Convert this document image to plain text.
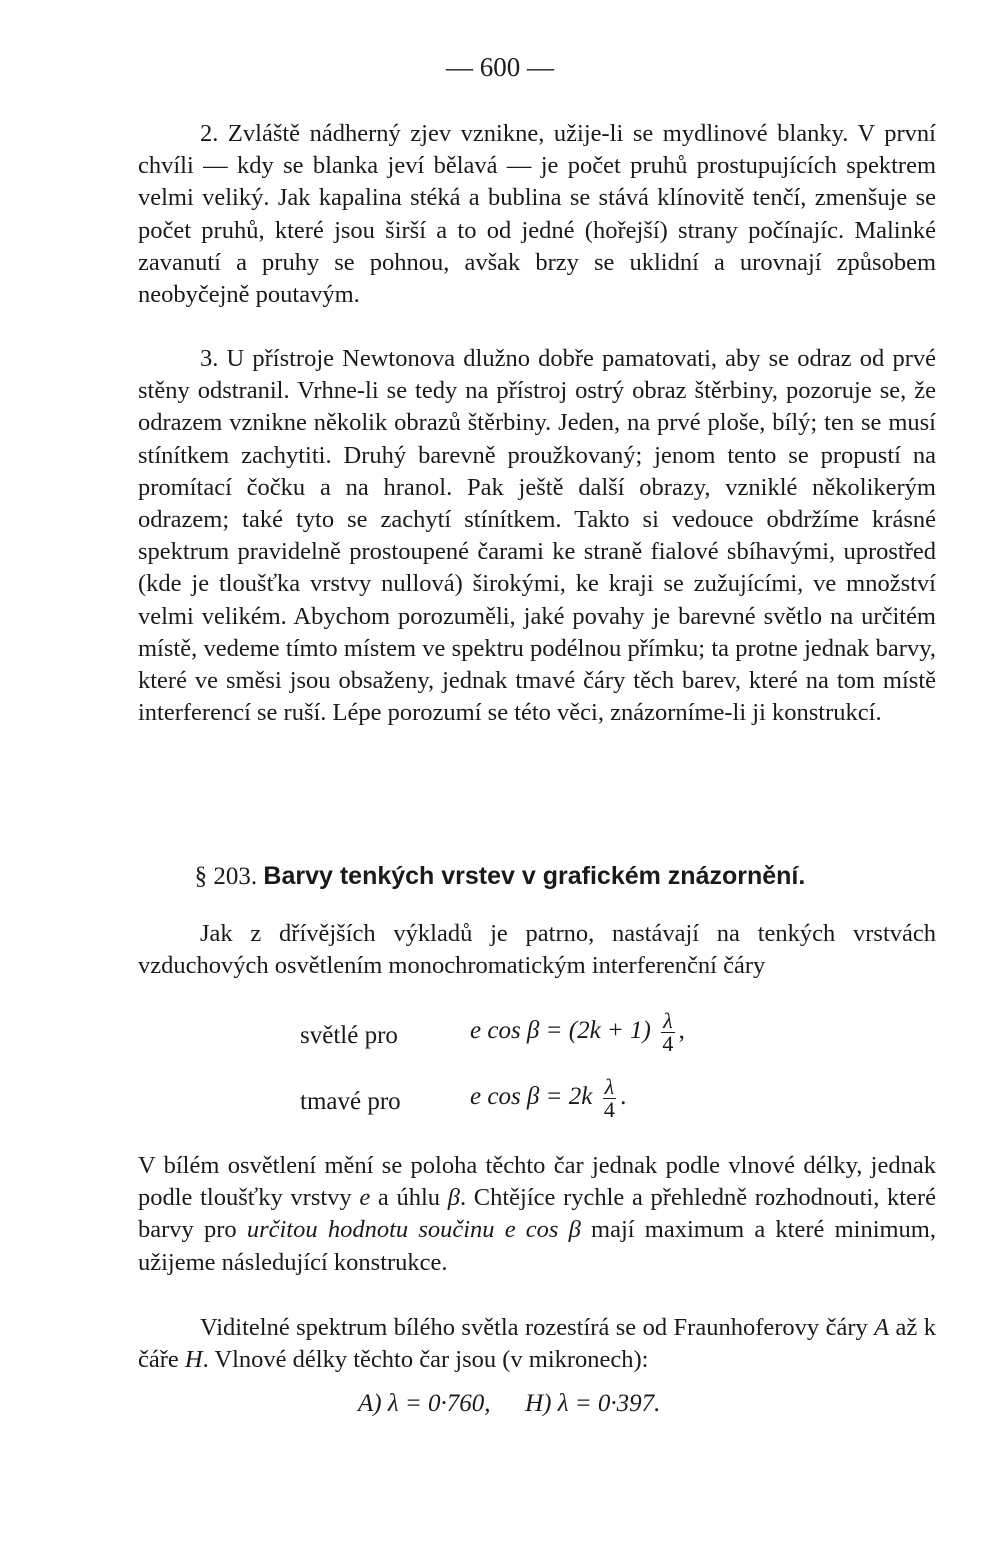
— 600 —

2. Zvláště nádherný zjev vznikne, užije-li se mydlinové blanky. V první chvíli — kdy se blanka jeví bělavá — je počet pruhů prostupujících spektrem velmi veliký. Jak kapalina stéká a bublina se stává klínovitě tenčí, zmenšuje se počet pruhů, které jsou širší a to od jedné (hořejší) strany počínajíc. Malinké zavanutí a pruhy se pohnou, avšak brzy se uklidní a urovnají způsobem neobyčejně poutavým.

3. U přístroje Newtonova dlužno dobře pamatovati, aby se odraz od prvé stěny odstranil. Vrhne-li se tedy na přístroj ostrý obraz štěrbiny, pozoruje se, že odrazem vznikne několik obrazů štěrbiny. Jeden, na prvé ploše, bílý; ten se musí stínítkem zachytiti. Druhý barevně proužkovaný; jenom tento se propustí na promítací čočku a na hranol. Pak ještě další obrazy, vzniklé několikerým odrazem; také tyto se zachytí stínítkem. Takto si vedouce obdržíme krásné spektrum pravidelně prostoupené čarami ke straně fialové sbíhavými, uprostřed (kde je tloušťka vrstvy nullová) širokými, ke kraji se zužujícími, ve množství velmi velikém. Abychom porozuměli, jaké povahy je barevné světlo na určitém místě, vedeme tímto místem ve spektru podélnou přímku; ta protne jednak barvy, které ve směsi jsou obsaženy, jednak tmavé čáry těch barev, které na tom místě interferencí se ruší. Lépe porozumí se této věci, znázorníme-li ji konstrukcí.

§ 203. Barvy tenkých vrstev v grafickém znázornění.

Jak z dřívějších výkladů je patrno, nastávají na tenkých vrstvách vzduchových osvětlením monochromatickým interferenční čáry

světlé pro	e $\cos \beta = (2k + 1) \frac{\lambda}{4}$ ,
tmavé pro	e $\cos \beta = 2k \frac{\lambda}{4}$ .

V bílém osvětlení mění se poloha těchto čar jednak podle vlnové délky, jednak podle tloušťky vrstvy e a úhlu β. Chtějíce rychle a přehledně rozhodnouti, které barvy pro určitou hodnotu součinu e cos β mají maximum a které minimum, užijeme následující konstrukce.

Viditelné spektrum bílého světla rozestírá se od Fraunhoferovy čáry A až k čáře H. Vlnové délky těchto čar jsou (v mikronech):

A) λ = 0·760, H) λ = 0·397.
